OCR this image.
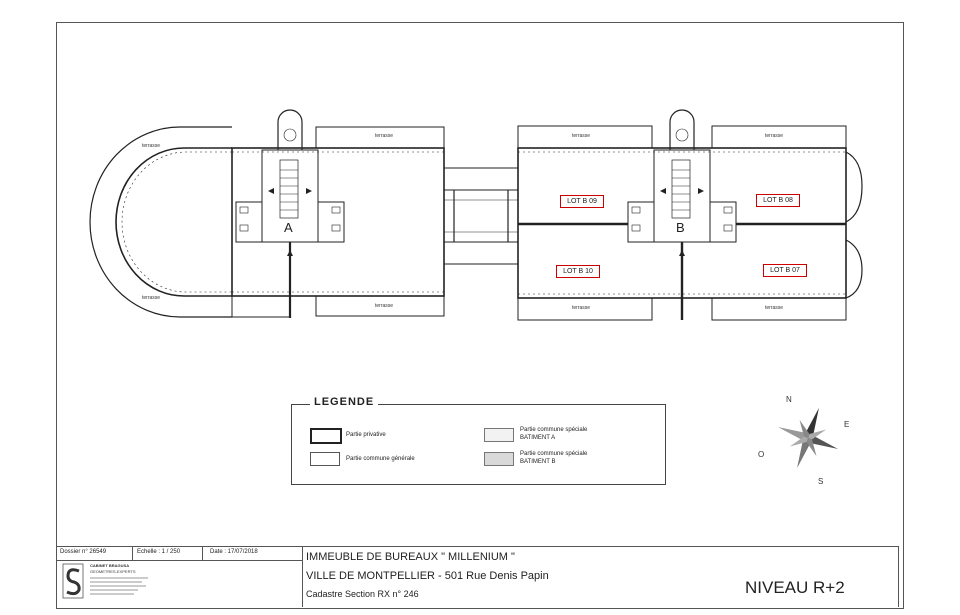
A	B
terrasse
terrasse
terrasse
terrasse
terrasse	terrasse
terrasse	terrasse
LOT B 09	LOT B 08
LOT B 10	LOT B 07
LEGENDE
Partie privative
Partie commune générale
Partie commune spéciale
BATIMENT A
Partie commune spéciale
BATIMENT B
N
E
S
O
Dossier n° 26549	Echelle : 1 / 250	Date : 17/07/2018
CABINET BRAGUSA
GEOMETRES-EXPERTS
IMMEUBLE DE BUREAUX " MILLENIUM "
VILLE DE MONTPELLIER - 501 Rue Denis Papin
Cadastre Section RX n° 246	NIVEAU R+2
